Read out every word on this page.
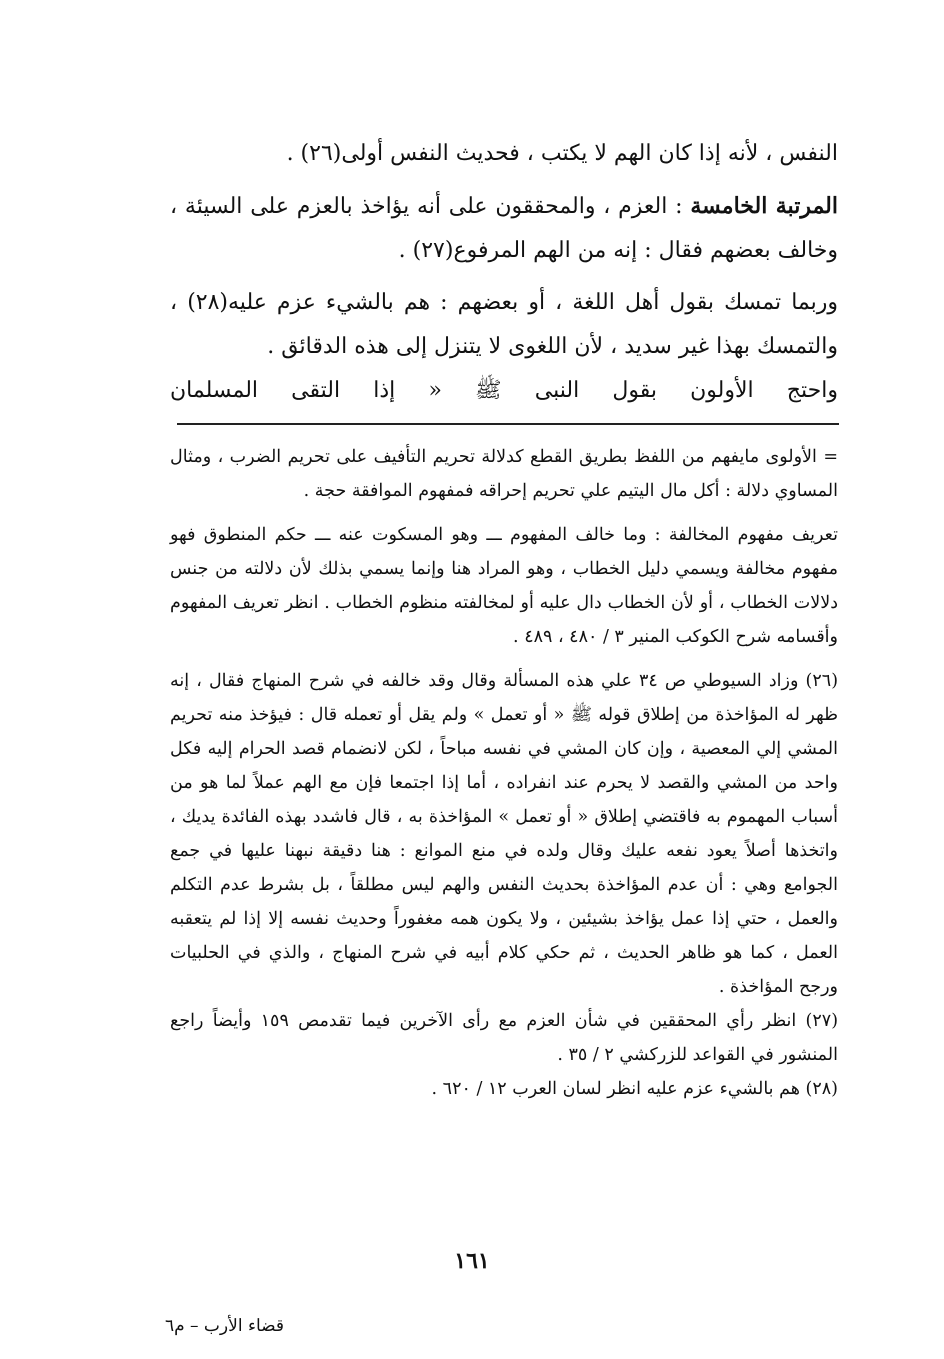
النفس ، لأنه إذا كان الهم لا يكتب ، فحديث النفس أولى(٢٦) .

المرتبة الخامسة : العزم ، والمحققون على أنه يؤاخذ بالعزم على السيئة ، وخالف بعضهم فقال : إنه من الهم المرفوع(٢٧) .

وربما تمسك بقول أهل اللغة ، أو بعضهم : هم بالشيء عزم عليه(٢٨) ، والتمسك بهذا غير سديد ، لأن اللغوى لا يتنزل إلى هذه الدقائق .

واحتج الأولون بقول النبى ﷺ « إذا التقى المسلمان

= الأولوى مايفهم من اللفظ بطريق القطع كدلالة تحريم التأفيف على تحريم الضرب ، ومثال المساوي دلالة : أكل مال اليتيم علي تحريم إحراقه فمفهوم الموافقة حجة .

تعريف مفهوم المخالفة : وما خالف المفهوم ـــ وهو المسكوت عنه ـــ حكم المنطوق فهو مفهوم مخالفة ويسمي دليل الخطاب ، وهو المراد هنا وإنما يسمي بذلك لأن دلالته من جنس دلالات الخطاب ، أو لأن الخطاب دال عليه أو لمخالفته منظوم الخطاب . انظر تعريف المفهوم وأقسامه شرح الكوكب المنير ٣ / ٤٨٠ ، ٤٨٩ .

(٢٦) وزاد السيوطي ص ٣٤ علي هذه المسألة وقال وقد خالفه في شرح المنهاج فقال ، إنه ظهر له المؤاخذة من إطلاق قوله ﷺ « أو تعمل » ولم يقل أو تعمله قال : فيؤخذ منه تحريم المشي إلي المعصية ، وإن كان المشي في نفسه مباحاً ، لكن لانضمام قصد الحرام إليه فكل واحد من المشي والقصد لا يحرم عند انفراده ، أما إذا اجتمعا فإن مع الهم عملاً لما هو من أسباب المهموم به فاقتضي إطلاق « أو تعمل » المؤاخذة به ، قال فاشدد بهذه الفائدة يديك ، واتخذها أصلاً يعود نفعه عليك وقال ولده في منع الموانع : هنا دقيقة نبهنا عليها في جمع الجوامع وهي : أن عدم المؤاخذة بحديث النفس والهم ليس مطلقاً ، بل بشرط عدم التكلم والعمل ، حتي إذا عمل يؤاخذ بشيئين ، ولا يكون همه مغفوراً وحديث نفسه إلا إذا لم يتعقبه العمل ، كما هو ظاهر الحديث ، ثم حكي كلام أبيه في شرح المنهاج ، والذي في الحلبيات ورجح المؤاخذة .

(٢٧) انظر رأي المحققين في شأن العزم مع رأى الآخرين فيما تقدمص ١٥٩ وأيضاً راجع المنشور في القواعد للزركشي ٢ / ٣٥ .

(٢٨) هم بالشيء عزم عليه انظر لسان العرب ١٢ / ٦٢٠ .

١٦١
قضاء الأرب – م٦
